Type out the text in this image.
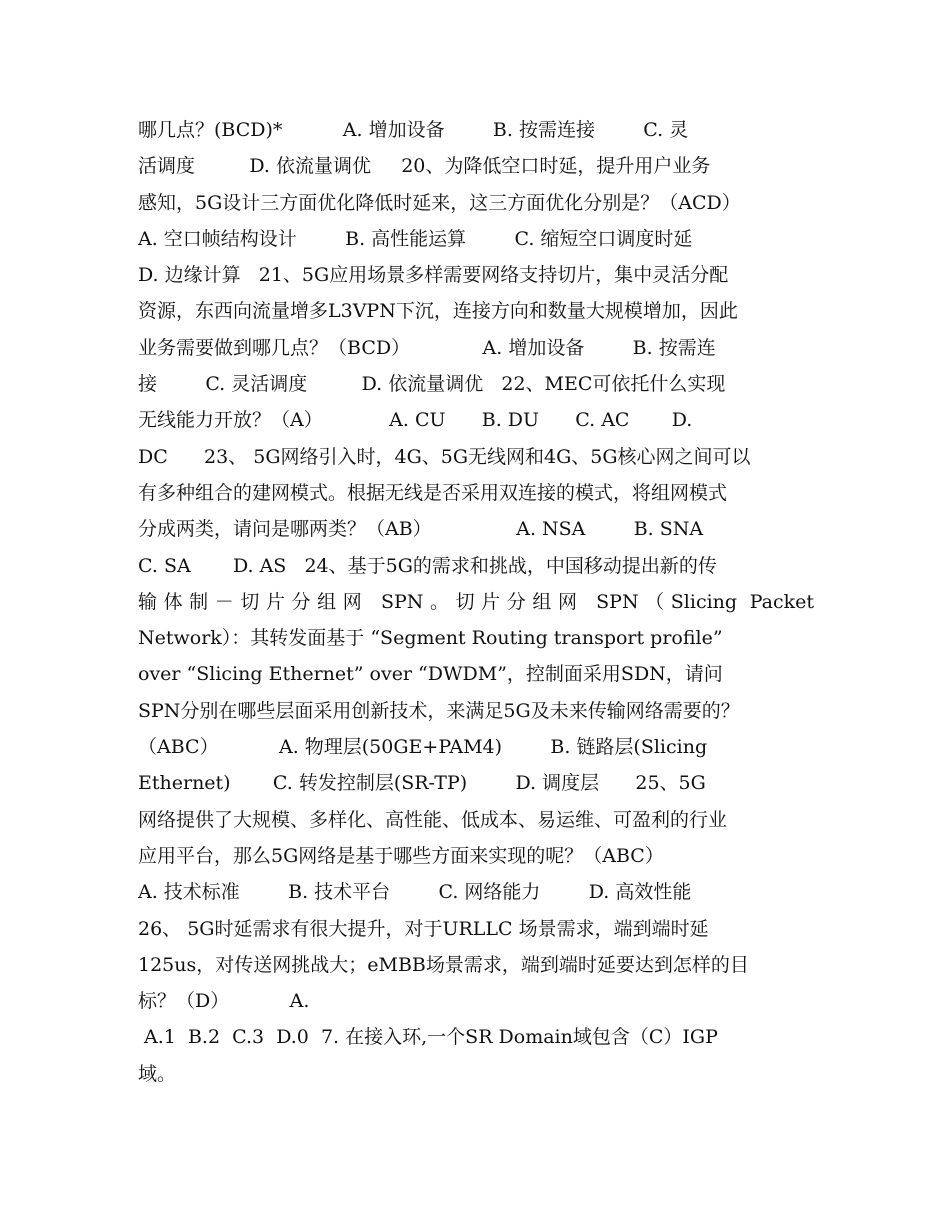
哪几点？(BCD)*          A. 增加设备        B. 按需连接        C. 灵
活调度         D. 依流量调优     20、为降低空口时延，提升用户业务
感知，5G设计三方面优化降低时延来，这三方面优化分别是？（ACD）
A. 空口帧结构设计        B. 高性能运算        C. 缩短空口调度时延
D. 边缘计算   21、5G应用场景多样需要网络支持切片，集中灵活分配
资源，东西向流量增多L3VPN下沉，连接方向和数量大规模增加，因此
业务需要做到哪几点？（BCD）            A. 增加设备        B. 按需连
接        C. 灵活调度         D. 依流量调优   22、MEC可依托什么实现
无线能力开放？（A）           A. CU      B. DU      C. AC       D.
DC      23、 5G网络引入时，4G、5G无线网和4G、5G核心网之间可以
有多种组合的建网模式。根据无线是否采用双连接的模式，将组网模式
分成两类，请问是哪两类？（AB）              A. NSA        B. SNA
C. SA       D. AS   24、基于5G的需求和挑战，中国移动提出新的传
输体制－切片分组网 SPN。切片分组网 SPN（Slicing Packet
Network）：其转发面基于 “Segment Routing transport profile”
over “Slicing Ethernet” over “DWDM”，控制面采用SDN，请问
SPN分别在哪些层面采用创新技术，来满足5G及未来传输网络需要的？
（ABC）          A. 物理层(50GE+PAM4)        B. 链路层(Slicing
Ethernet)       C. 转发控制层(SR-TP)        D. 调度层      25、5G
网络提供了大规模、多样化、高性能、低成本、易运维、可盈利的行业
应用平台，那么5G网络是基于哪些方面来实现的呢？（ABC）
A. 技术标准        B. 技术平台        C. 网络能力        D. 高效性能
26、 5G时延需求有很大提升，对于URLLC 场景需求，端到端时延
125us，对传送网挑战大；eMBB场景需求，端到端时延要达到怎样的目
标？（D）          A.
A.1  B.2  C.3  D.0  7. 在接入环,一个SR Domain域包含（C）IGP
域。
